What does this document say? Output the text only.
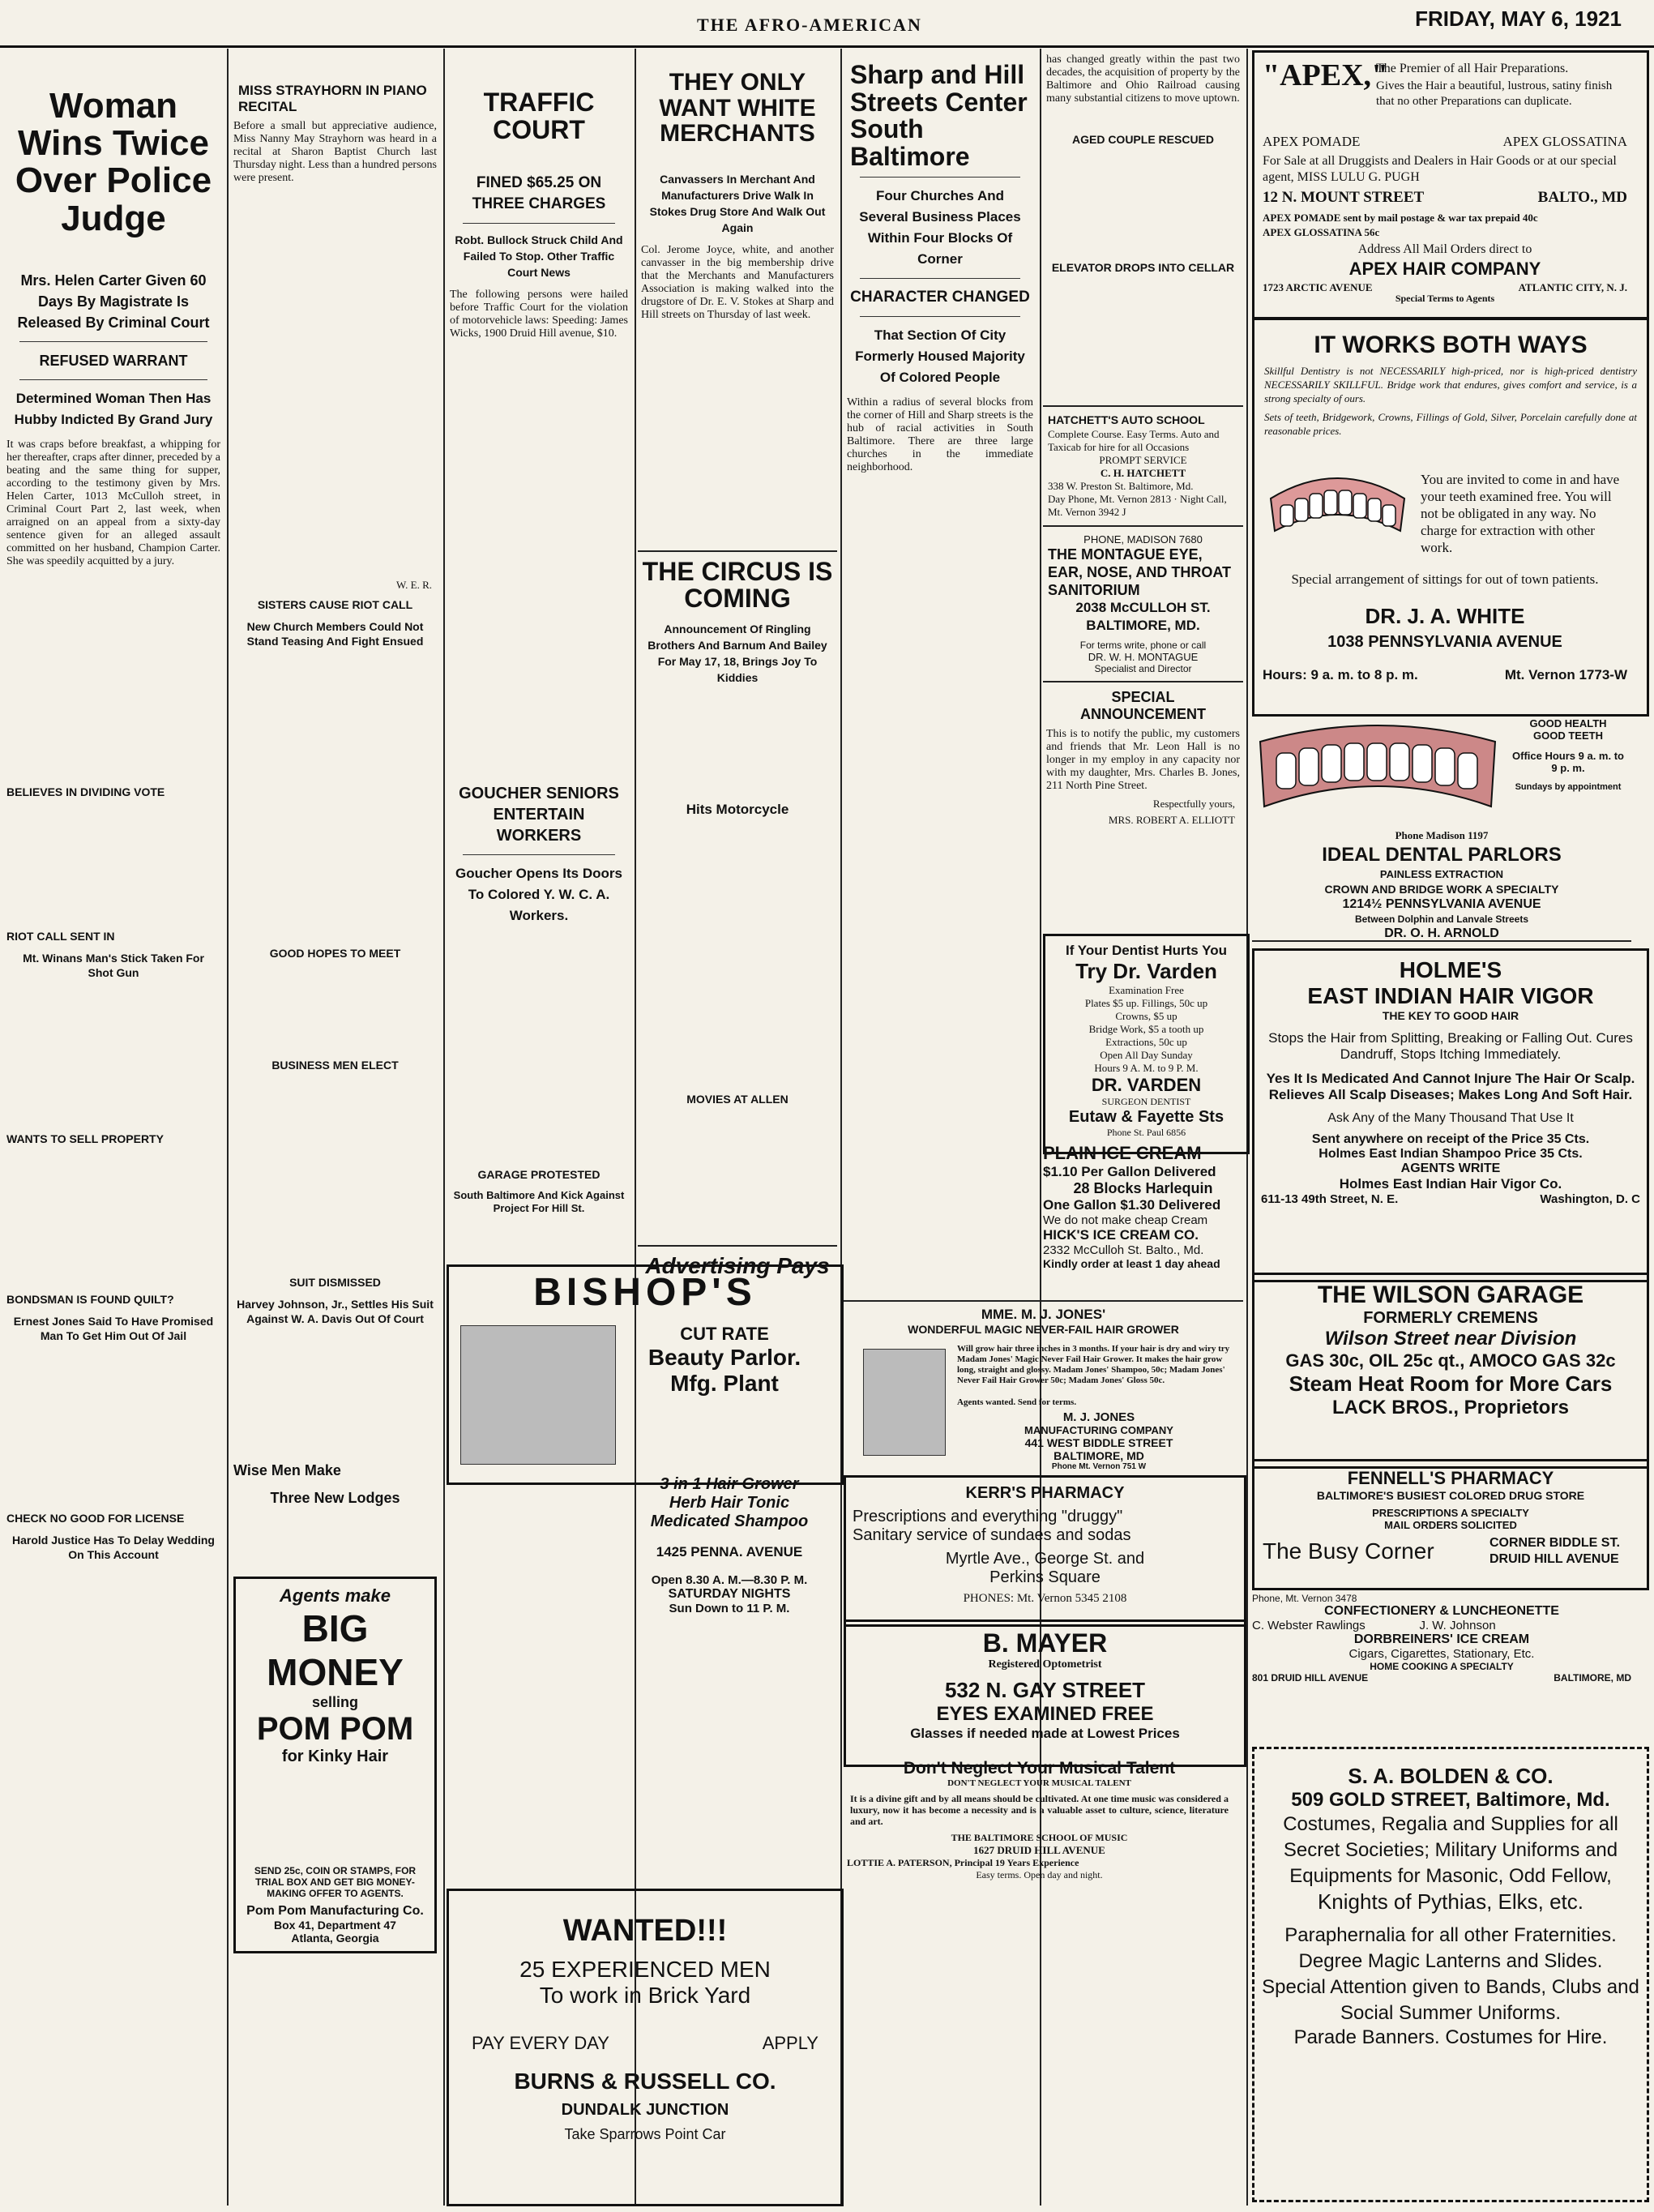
THE AFRO-AMERICAN	FRIDAY, MAY 6, 1921
Woman Wins Twice Over Police Judge
Mrs. Helen Carter Given 60 Days By Magistrate Is Released By Criminal Court
REFUSED WARRANT
Determined Woman Then Has Hubby Indicted By Grand Jury
It was craps before breakfast, a whipping for her thereafter, craps after dinner, preceded by a beating and the same thing for supper, according to the testimony given by Mrs. Helen Carter, 1013 McCulloh street, in Criminal Court Part 2, last week, when arraigned on an appeal from a sixty-day sentence given for an alleged assault committed on her husband, Champion Carter. She was speedily acquitted by a jury.
BELIEVES IN DIVIDING VOTE
RIOT CALL SENT IN
Mt. Winans Man's Stick Taken For Shot Gun
WANTS TO SELL PROPERTY
BONDSMAN IS FOUND QUILT?
Ernest Jones Said To Have Promised Man To Get Him Out Of Jail
CHECK NO GOOD FOR LICENSE
Harold Justice Has To Delay Wedding On This Account
MISS STRAYHORN IN PIANO RECITAL
Before a small but appreciative audience, Miss Nanny May Strayhorn was heard in a recital at Sharon Baptist Church last Thursday night. Less than a hundred persons were present.
W. E. R.
SISTERS CAUSE RIOT CALL
New Church Members Could Not Stand Teasing And Fight Ensued
GOOD HOPES TO MEET
BUSINESS MEN ELECT
SUIT DISMISSED
Harvey Johnson, Jr., Settles His Suit Against W. A. Davis Out Of Court
Wise Men Make
Three New Lodges
Agents make
BIG MONEY
selling
POM POM
for Kinky Hair
SEND 25c, COIN OR STAMPS, FOR TRIAL BOX AND GET BIG MONEY-MAKING OFFER TO AGENTS.
Pom Pom Manufacturing Co.
Box 41, Department 47
Atlanta, Georgia
TRAFFIC COURT
FINED $65.25 ON THREE CHARGES
Robt. Bullock Struck Child And Failed To Stop. Other Traffic Court News
The following persons were hailed before Traffic Court for the violation of motorvehicle laws: Speeding: James Wicks, 1900 Druid Hill avenue, $10.
GOUCHER SENIORS ENTERTAIN WORKERS
Goucher Opens Its Doors To Colored Y. W. C. A. Workers.
GARAGE PROTESTED
South Baltimore And Kick Against Project For Hill St.
THEY ONLY WANT WHITE MERCHANTS
Canvassers In Merchant And Manufacturers Drive Walk In Stokes Drug Store And Walk Out Again
Col. Jerome Joyce, white, and another canvasser in the big membership drive that the Merchants and Manufacturers Association is making walked into the drugstore of Dr. E. V. Stokes at Sharp and Hill streets on Thursday of last week.
THE CIRCUS IS COMING
Announcement Of Ringling Brothers And Barnum And Bailey For May 17, 18, Brings Joy To Kiddies
Hits Motorcycle
MOVIES AT ALLEN
Advertising Pays
BISHOP'S
CUT RATE
Beauty Parlor.
Mfg. Plant
3 in 1 Hair Grower
Herb Hair Tonic
Medicated Shampoo
1425 PENNA. AVENUE
Open 8.30 A. M.—8.30 P. M.
SATURDAY NIGHTS
Sun Down to 11 P. M.
WANTED!!!
25 EXPERIENCED MEN
To work in Brick Yard
PAY EVERY DAY	APPLY
BURNS & RUSSELL CO.
DUNDALK JUNCTION
Take Sparrows Point Car
Sharp and Hill Streets Center South Baltimore
Four Churches And Several Business Places Within Four Blocks Of Corner
CHARACTER CHANGED
That Section Of City Formerly Housed Majority Of Colored People
Within a radius of several blocks from the corner of Hill and Sharp streets is the hub of racial activities in South Baltimore. There are three large churches in the immediate neighborhood.
has changed greatly within the past two decades, the acquisition of property by the Baltimore and Ohio Railroad causing many substantial citizens to move uptown.
AGED COUPLE RESCUED
ELEVATOR DROPS INTO CELLAR
HATCHETT'S AUTO SCHOOL
Complete Course. Easy Terms. Auto and Taxicab for hire for all Occasions
PROMPT SERVICE
C. H. HATCHETT
338 W. Preston St. Baltimore, Md.
Day Phone, Mt. Vernon 2813 · Night Call, Mt. Vernon 3942 J
PHONE, MADISON 7680
THE MONTAGUE EYE, EAR, NOSE, AND THROAT SANITORIUM
2038 McCULLOH ST. BALTIMORE, MD.
For terms write, phone or call
DR. W. H. MONTAGUE
Specialist and Director
SPECIAL
ANNOUNCEMENT
This is to notify the public, my customers and friends that Mr. Leon Hall is no longer in my employ in any capacity nor with my daughter, Mrs. Charles B. Jones, 211 North Pine Street.
Respectfully yours,
MRS. ROBERT A. ELLIOTT
If Your Dentist Hurts You
Try Dr. Varden
Examination Free
Plates $5 up. Fillings, 50c up
Crowns, $5 up
Bridge Work, $5 a tooth up
Extractions, 50c up
Open All Day Sunday
Hours 9 A. M. to 9 P. M.
DR. VARDEN
SURGEON DENTIST
Eutaw & Fayette Sts
Phone St. Paul 6856
PLAIN ICE CREAM
$1.10 Per Gallon Delivered
28 Blocks Harlequin
One Gallon $1.30 Delivered
We do not make cheap Cream
HICK'S ICE CREAM CO.
2332 McCulloh St. Balto., Md.
Kindly order at least 1 day ahead
MME. M. J. JONES'
WONDERFUL MAGIC NEVER-FAIL HAIR GROWER
Will grow hair three inches in 3 months. If your hair is dry and wiry try Madam Jones' Magic Never Fail Hair Grower. It makes the hair grow long, straight and glossy. Madam Jones' Shampoo, 50c; Madam Jones' Never Fail Hair Grower 50c; Madam Jones' Gloss 50c.
Agents wanted. Send for terms.
M. J. JONES
MANUFACTURING COMPANY
441 WEST BIDDLE STREET
BALTIMORE, MD
Phone Mt. Vernon 751 W
KERR'S PHARMACY
Prescriptions and everything "druggy"
Sanitary service of sundaes and sodas
Myrtle Ave., George St. and
Perkins Square
PHONES: Mt. Vernon 5345 2108
B. MAYER
Registered Optometrist
532 N. GAY STREET
EYES EXAMINED FREE
Glasses if needed made at Lowest Prices
Don't Neglect Your Musical Talent
DON'T NEGLECT YOUR MUSICAL TALENT
It is a divine gift and by all means should be cultivated. At one time music was considered a luxury, now it has become a necessity and is a valuable asset to culture, science, literature and art.
THE BALTIMORE SCHOOL OF MUSIC
1627 DRUID HILL AVENUE
LOTTIE A. PATERSON, Principal 19 Years Experience
Easy terms. Open day and night.
"APEX,"
The Premier of all Hair Preparations.
Gives the Hair a beautiful, lustrous, satiny finish that no other Preparations can duplicate.
APEX POMADE	APEX GLOSSATINA
For Sale at all Druggists and Dealers in Hair Goods or at our special agent, MISS LULU G. PUGH
12 N. MOUNT STREET	BALTO., MD
APEX POMADE sent by mail postage & war tax prepaid 40c
APEX GLOSSATINA 56c
Address All Mail Orders direct to
APEX HAIR COMPANY
1723 ARCTIC AVENUE	ATLANTIC CITY, N. J.
Special Terms to Agents
IT WORKS BOTH WAYS
Skillful Dentistry is not NECESSARILY high-priced, nor is high-priced dentistry NECESSARILY SKILLFUL. Bridge work that endures, gives comfort and service, is a strong specialty of ours.
Sets of teeth, Bridgework, Crowns, Fillings of Gold, Silver, Porcelain carefully done at reasonable prices.
You are invited to come in and have your teeth examined free. You will not be obligated in any way. No charge for extraction with other work.
Special arrangement of sittings for out of town patients.
DR. J. A. WHITE
1038 PENNSYLVANIA AVENUE
Hours: 9 a. m. to 8 p. m.	Mt. Vernon 1773-W
GOOD HEALTH
GOOD TEETH
Office Hours 9 a. m. to 9 p. m.
Sundays by appointment
Phone Madison 1197
IDEAL DENTAL PARLORS
PAINLESS EXTRACTION
CROWN AND BRIDGE WORK A SPECIALTY
1214½ PENNSYLVANIA AVENUE
Between Dolphin and Lanvale Streets
DR. O. H. ARNOLD
HOLME'S
EAST INDIAN HAIR VIGOR
THE KEY TO GOOD HAIR
Stops the Hair from Splitting, Breaking or Falling Out. Cures Dandruff, Stops Itching Immediately.
Yes It Is Medicated And Cannot Injure The Hair Or Scalp. Relieves All Scalp Diseases; Makes Long And Soft Hair.
Ask Any of the Many Thousand That Use It
Sent anywhere on receipt of the Price 35 Cts.
Holmes East Indian Shampoo Price 35 Cts.
AGENTS WRITE
Holmes East Indian Hair Vigor Co.
611-13 49th Street, N. E.	Washington, D. C
THE WILSON GARAGE
FORMERLY CREMENS
Wilson Street near Division
GAS 30c, OIL 25c qt., AMOCO GAS 32c
Steam Heat Room for More Cars
LACK BROS., Proprietors
FENNELL'S PHARMACY
BALTIMORE'S BUSIEST COLORED DRUG STORE
PRESCRIPTIONS A SPECIALTY
MAIL ORDERS SOLICITED
The Busy Corner	CORNER BIDDLE ST.
DRUID HILL AVENUE
Phone, Mt. Vernon 3478
CONFECTIONERY & LUNCHEONETTE
C. Webster Rawlings                J. W. Johnson
DORBREINERS' ICE CREAM
Cigars, Cigarettes, Stationary, Etc.
HOME COOKING A SPECIALTY
801 DRUID HILL AVENUE	BALTIMORE, MD
S. A. BOLDEN & CO.
509 GOLD STREET, Baltimore, Md.
Costumes, Regalia and Supplies for all Secret Societies; Military Uniforms and Equipments for Masonic, Odd Fellow,
Knights of Pythias, Elks, etc.
Paraphernalia for all other Fraternities. Degree Magic Lanterns and Slides.
Special Attention given to Bands, Clubs and Social Summer Uniforms.
Parade Banners. Costumes for Hire.
